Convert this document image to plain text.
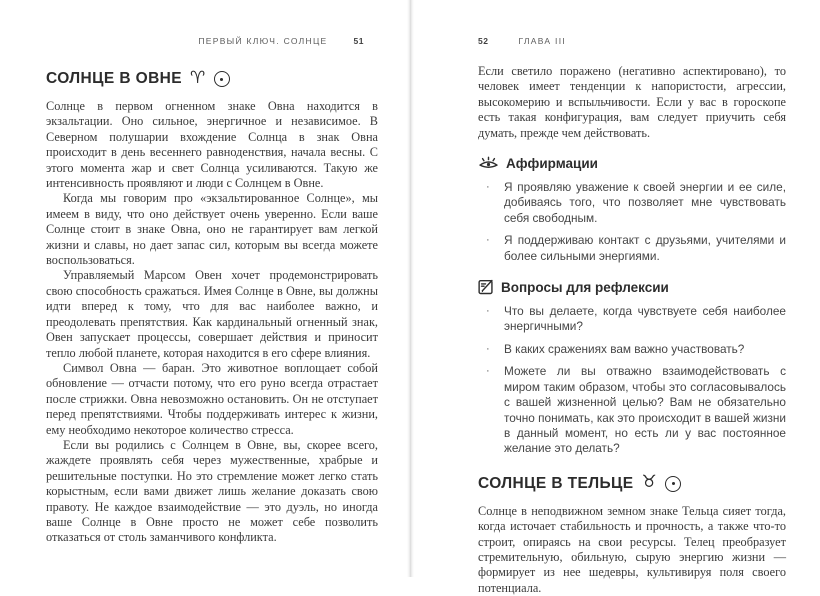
ПЕРВЫЙ КЛЮЧ. СОЛНЦЕ	51
СОЛНЦЕ В ОВНЕ ♈

Солнце в первом огненном знаке Овна находится в экзальтации. Оно сильное, энергичное и независимое. В Северном полушарии вхождение Солнца в знак Овна происходит в день весеннего равноденствия, начала весны. С этого момента жар и свет Солнца усиливаются. Такую же интенсивность проявляют и люди с Солнцем в Овне.

Когда мы говорим про «экзальтированное Солнце», мы имеем в виду, что оно действует очень уверенно. Если ваше Солнце стоит в знаке Овна, оно не гарантирует вам легкой жизни и славы, но дает запас сил, которым вы всегда можете воспользоваться.

Управляемый Марсом Овен хочет продемонстрировать свою способность сражаться. Имея Солнце в Овне, вы должны идти вперед к тому, что для вас наиболее важно, и преодолевать препятствия. Как кардинальный огненный знак, Овен запускает процессы, совершает действия и приносит тепло любой планете, которая находится в его сфере влияния.

Символ Овна — баран. Это животное воплощает собой обновление — отчасти потому, что его руно всегда отрастает после стрижки. Овна невозможно остановить. Он не отступает перед препятствиями. Чтобы поддерживать интерес к жизни, ему необходимо некоторое количество стресса.

Если вы родились с Солнцем в Овне, вы, скорее всего, жаждете проявлять себя через мужественные, храбрые и решительные поступки. Но это стремление может легко стать корыстным, если вами движет лишь желание доказать свою правоту. Не каждое взаимодействие — это дуэль, но иногда ваше Солнце в Овне просто не может себе позволить отказаться от столь заманчивого конфликта.

52	ГЛАВА III

Если светило поражено (негативно аспектировано), то человек имеет тенденции к напористости, агрессии, высокомерию и вспыльчивости. Если у вас в гороскопе есть такая конфигурация, вам следует приучить себя думать, прежде чем действовать.

Аффирмации
·	Я проявляю уважение к своей энергии и ее силе, добиваясь того, что позволяет мне чувствовать себя свободным.
·	Я поддерживаю контакт с друзьями, учителями и более сильными энергиями.
Вопросы для рефлексии
·	Что вы делаете, когда чувствуете себя наиболее энергичными?
·	В каких сражениях вам важно участвовать?
·	Можете ли вы отважно взаимодействовать с миром таким образом, чтобы это согласовывалось с вашей жизненной целью? Вам не обязательно точно понимать, как это происходит в вашей жизни в данный момент, но есть ли у вас постоянное желание это делать?
СОЛНЦЕ В ТЕЛЬЦЕ ♉

Солнце в неподвижном земном знаке Тельца сияет тогда, когда источает стабильность и прочность, а также что-то строит, опираясь на свои ресурсы. Телец преобразует стремительную, обильную, сырую энергию жизни — формирует из нее шедевры, культивируя поля своего потенциала.
